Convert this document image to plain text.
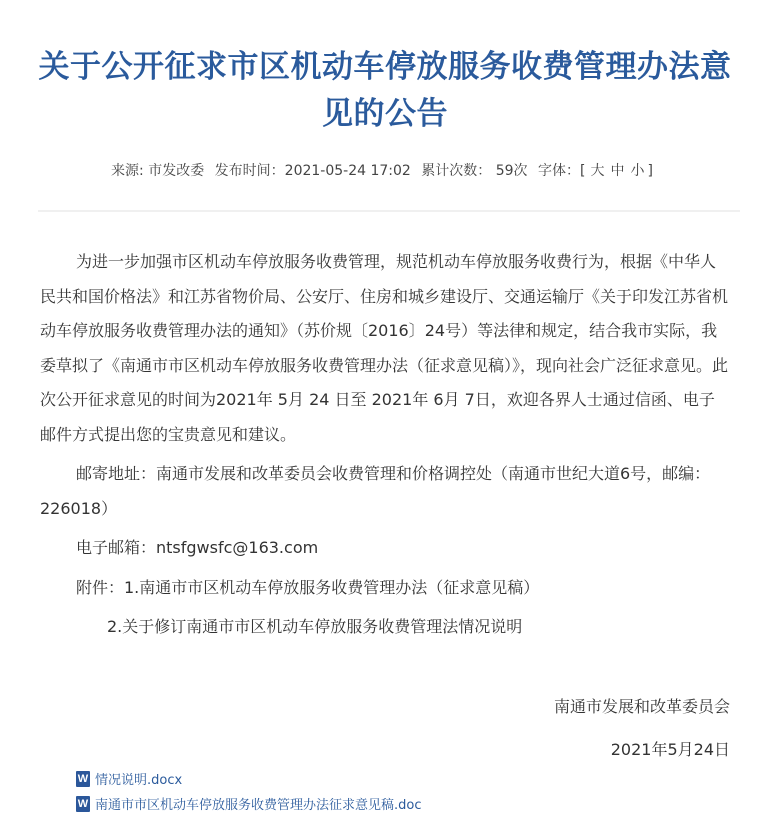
关于公开征求市区机动车停放服务收费管理办法意
见的公告
来源: 市发改委 发布时间：2021-05-24 17:02 累计次数： 59次 字体：[ 大 中 小 ]

为进一步加强市区机动车停放服务收费管理，规范机动车停放服务收费行为，根据《中华人民共和国价格法》和江苏省物价局、公安厅、住房和城乡建设厅、交通运输厅《关于印发江苏省机动车停放服务收费管理办法的通知》（苏价规〔2016〕24号）等法律和规定，结合我市实际，我委草拟了《南通市市区机动车停放服务收费管理办法（征求意见稿）》，现向社会广泛征求意见。此次公开征求意见的时间为2021年 5月 24 日至 2021年 6月 7日，欢迎各界人士通过信函、电子邮件方式提出您的宝贵意见和建议。

邮寄地址：南通市发展和改革委员会收费管理和价格调控处（南通市世纪大道6号，邮编：226018）

电子邮箱：ntsfgwsfc@163.com

附件：1.南通市市区机动车停放服务收费管理办法（征求意见稿）

2.关于修订南通市市区机动车停放服务收费管理法情况说明

南通市发展和改革委员会
2021年5月24日
W 情况说明.docx
W 南通市市区机动车停放服务收费管理办法征求意见稿.doc
